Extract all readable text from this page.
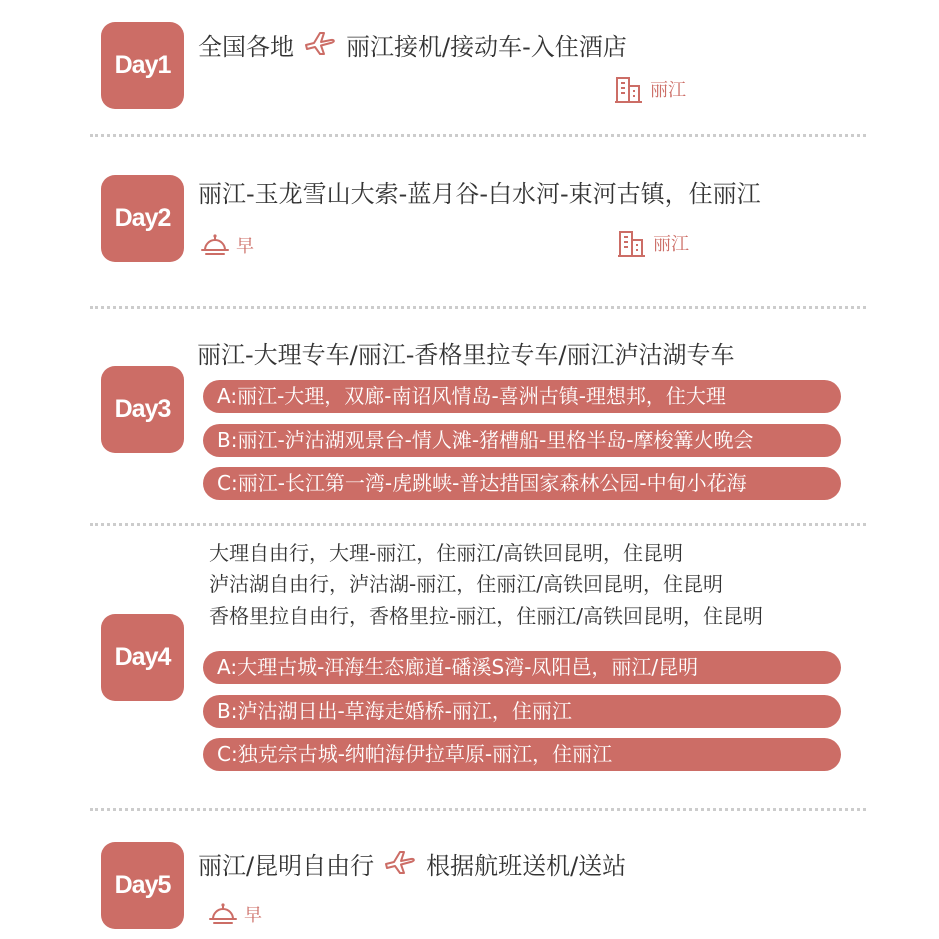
Day1
全国各地 丽江接机/接动车-入住酒店
丽江
Day2
丽江-玉龙雪山大索-蓝月谷-白水河-束河古镇，住丽江
早	丽江
Day3
丽江-大理专车/丽江-香格里拉专车/丽江泸沽湖专车
A:丽江-大理，双廊-南诏风情岛-喜洲古镇-理想邦，住大理
B:丽江-泸沽湖观景台-情人滩-猪槽船-里格半岛-摩梭篝火晚会
C:丽江-长江第一湾-虎跳峡-普达措国家森林公园-中甸小花海
Day4
大理自由行，大理-丽江，住丽江/高铁回昆明，住昆明
泸沽湖自由行，泸沽湖-丽江，住丽江/高铁回昆明，住昆明
香格里拉自由行，香格里拉-丽江，住丽江/高铁回昆明，住昆明
A:大理古城-洱海生态廊道-磻溪S湾-凤阳邑，丽江/昆明
B:泸沽湖日出-草海走婚桥-丽江，住丽江
C:独克宗古城-纳帕海伊拉草原-丽江，住丽江
Day5
丽江/昆明自由行 根据航班送机/送站
早
